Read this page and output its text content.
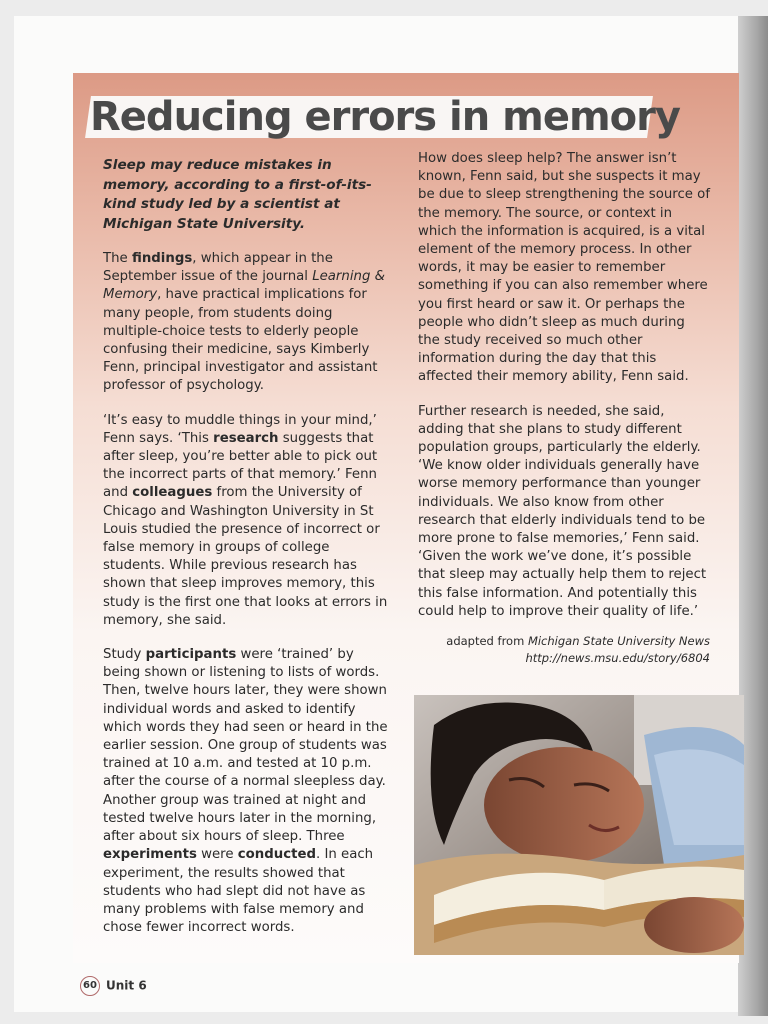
Reducing errors in memory

Sleep may reduce mistakes in memory, according to a first-of-its-kind study led by a scientist at Michigan State University.

The findings, which appear in the September issue of the journal Learning & Memory, have practical implications for many people, from students doing multiple-choice tests to elderly people confusing their medicine, says Kimberly Fenn, principal investigator and assistant professor of psychology.

‘It’s easy to muddle things in your mind,’ Fenn says. ‘This research suggests that after sleep, you’re better able to pick out the incorrect parts of that memory.’ Fenn and colleagues from the University of Chicago and Washington University in St Louis studied the presence of incorrect or false memory in groups of college students. While previous research has shown that sleep improves memory, this study is the first one that looks at errors in memory, she said.

Study participants were ‘trained’ by being shown or listening to lists of words. Then, twelve hours later, they were shown individual words and asked to identify which words they had seen or heard in the earlier session. One group of students was trained at 10 a.m. and tested at 10 p.m. after the course of a normal sleepless day. Another group was trained at night and tested twelve hours later in the morning, after about six hours of sleep. Three experiments were conducted. In each experiment, the results showed that students who had slept did not have as many problems with false memory and chose fewer incorrect words.

How does sleep help? The answer isn’t known, Fenn said, but she suspects it may be due to sleep strengthening the source of the memory. The source, or context in which the information is acquired, is a vital element of the memory process. In other words, it may be easier to remember something if you can also remember where you first heard or saw it. Or perhaps the people who didn’t sleep as much during the study received so much other information during the day that this affected their memory ability, Fenn said.

Further research is needed, she said, adding that she plans to study different population groups, particularly the elderly. ‘We know older individuals generally have worse memory performance than younger individuals. We also know from other research that elderly individuals tend to be more prone to false memories,’ Fenn said. ‘Given the work we’ve done, it’s possible that sleep may actually help them to reject this false information. And potentially this could help to improve their quality of life.’

adapted from Michigan State University News
http://news.msu.edu/story/6804
60 Unit 6
